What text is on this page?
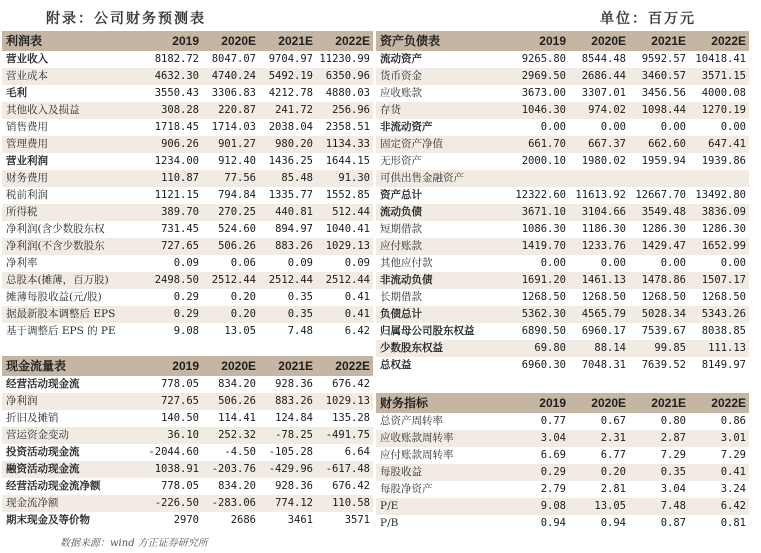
附录：公司财务预测表	单位：百万元
利润表	2019	2020E	2021E	2022E
营业收入	8182.72	8047.07	9704.97	11230.99
营业成本	4632.30	4740.24	5492.19	6350.96
毛利	3550.43	3306.83	4212.78	4880.03
其他收入及损益	308.28	220.87	241.72	256.96
销售费用	1718.45	1714.03	2038.04	2358.51
管理费用	906.26	901.27	980.20	1134.33
营业利润	1234.00	912.40	1436.25	1644.15
财务费用	110.87	77.56	85.48	91.30
税前利润	1121.15	794.84	1335.77	1552.85
所得税	389.70	270.25	440.81	512.44
净利润(含少数股东权	731.45	524.60	894.97	1040.41
净利润(不含少数股东	727.65	506.26	883.26	1029.13
净利率	0.09	0.06	0.09	0.09
总股本(摊薄，百万股)	2498.50	2512.44	2512.44	2512.44
摊薄每股收益(元/股)	0.29	0.20	0.35	0.41
据最新股本调整后 EPS	0.29	0.20	0.35	0.41
基于调整后 EPS 的 PE	9.08	13.05	7.48	6.42
现金流量表	2019	2020E	2021E	2022E
经营活动现金流	778.05	834.20	928.36	676.42
净利润	727.65	506.26	883.26	1029.13
折旧及摊销	140.50	114.41	124.84	135.28
营运资金变动	36.10	252.32	-78.25	-491.75
投资活动现金流	-2044.60	-4.50	-105.28	6.64
融资活动现金流	1038.91	-203.76	-429.96	-617.48
经营活动现金流净额	778.05	834.20	928.36	676.42
现金流净额	-226.50	-283.06	774.12	110.58
期末现金及等价物	2970	2686	3461	3571
资产负债表	2019	2020E	2021E	2022E
流动资产	9265.80	8544.48	9592.57	10418.41
货币资金	2969.50	2686.44	3460.57	3571.15
应收账款	3673.00	3307.01	3456.56	4000.08
存货	1046.30	974.02	1098.44	1270.19
非流动资产	0.00	0.00	0.00	0.00
固定资产净值	661.70	667.37	662.60	647.41
无形资产	2000.10	1980.02	1959.94	1939.86
可供出售金融资产				
资产总计	12322.60	11613.92	12667.70	13492.80
流动负债	3671.10	3104.66	3549.48	3836.09
短期借款	1086.30	1186.30	1286.30	1286.30
应付账款	1419.70	1233.76	1429.47	1652.99
其他应付款	0.00	0.00	0.00	0.00
非流动负债	1691.20	1461.13	1478.86	1507.17
长期借款	1268.50	1268.50	1268.50	1268.50
负债总计	5362.30	4565.79	5028.34	5343.26
归属母公司股东权益	6890.50	6960.17	7539.67	8038.85
少数股东权益	69.80	88.14	99.85	111.13
总权益	6960.30	7048.31	7639.52	8149.97
财务指标	2019	2020E	2021E	2022E
总资产周转率	0.77	0.67	0.80	0.86
应收账款周转率	3.04	2.31	2.87	3.01
应付账款周转率	6.69	6.77	7.29	7.29
每股收益	0.29	0.20	0.35	0.41
每股净资产	2.79	2.81	3.04	3.24
P/E	9.08	13.05	7.48	6.42
P/B	0.94	0.94	0.87	0.81
数据来源：wind 方正证券研究所
